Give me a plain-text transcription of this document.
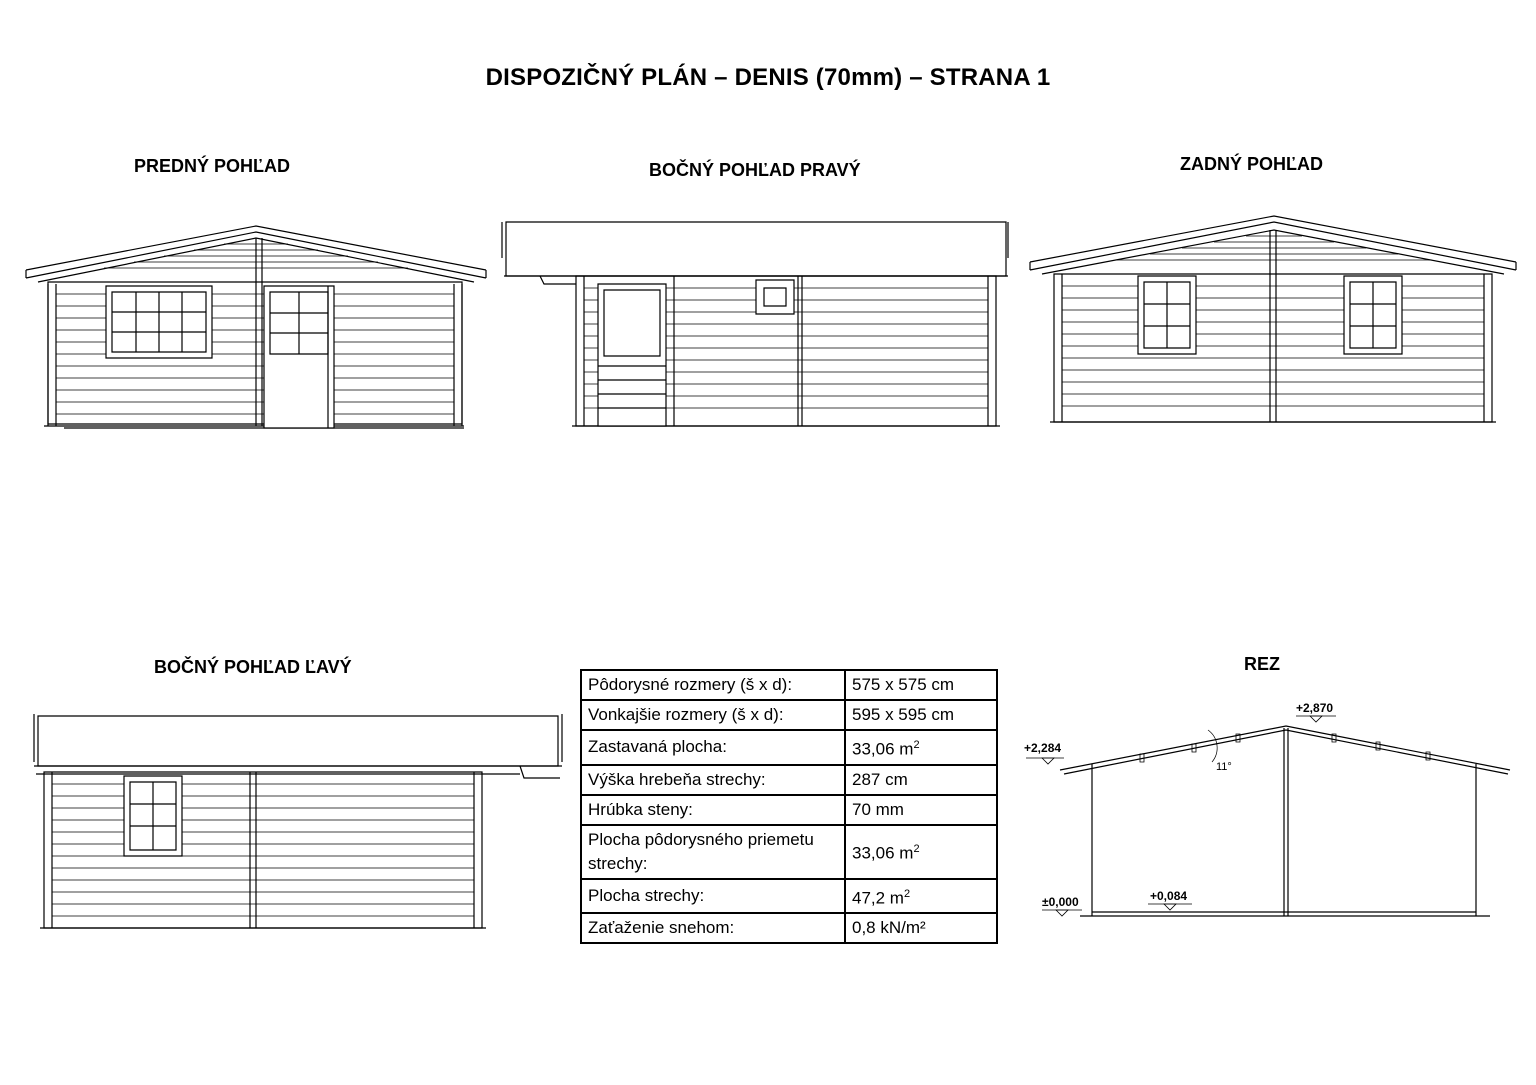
DISPOZIČNÝ PLÁN – DENIS (70mm) – STRANA 1
PREDNÝ POHĽAD	BOČNÝ POHĽAD PRAVÝ	ZADNÝ POHĽAD
BOČNÝ POHĽAD ĽAVÝ	REZ
Pôdorysné rozmery (š x d):	575 x 575 cm
Vonkajšie rozmery (š x d):	595 x 595 cm
Zastavaná plocha:	33,06 $m^2$
Výška hrebeňa strechy:	287 cm
Hrúbka steny:	70 mm
Plocha pôdorysného priemetu strechy:	33,06 $m^2$
Plocha strechy:	47,2 $m^2$
Zaťaženie snehom:	0,8 kN/m²
+2,284
+2,870
±0,000	+0,084
11°
